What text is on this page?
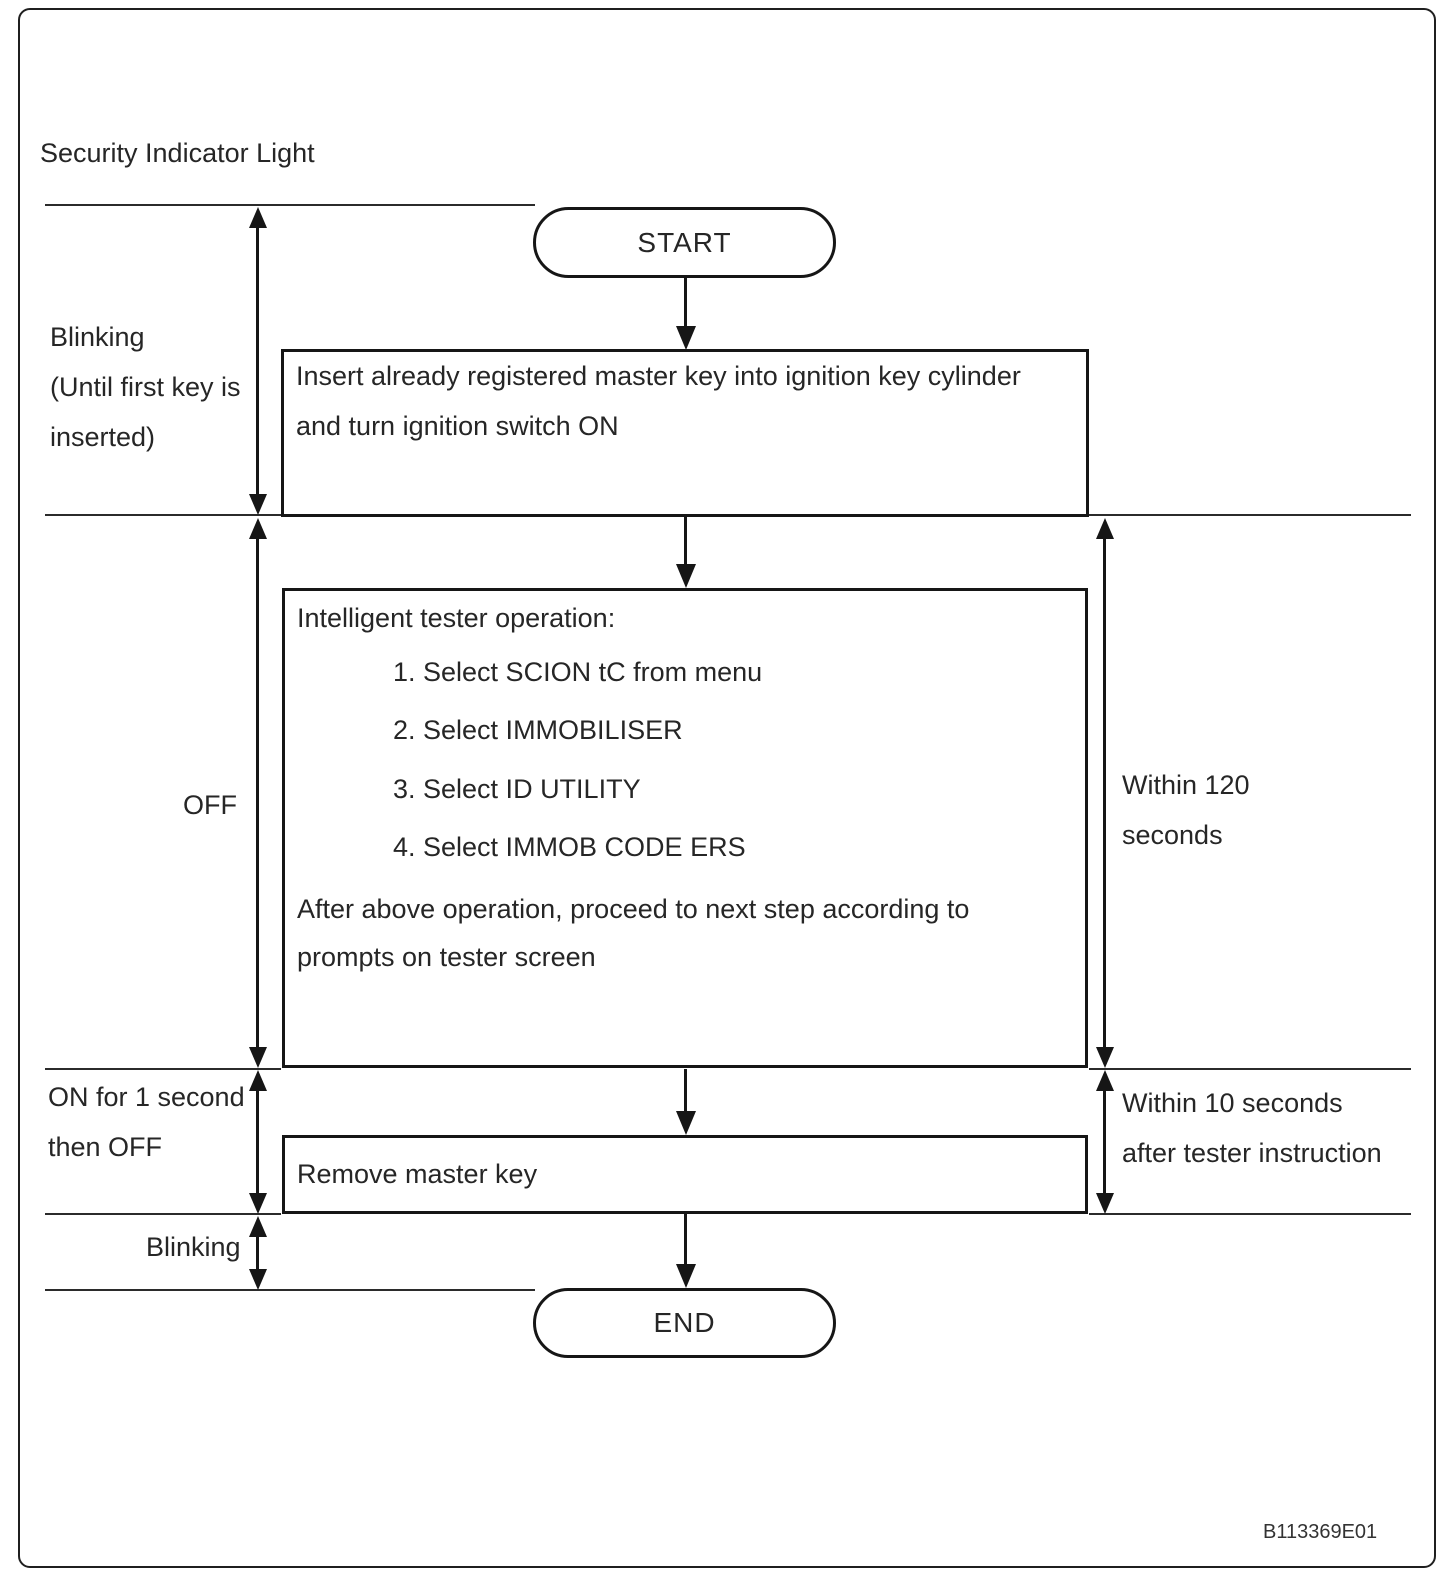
Security Indicator Light
START
Insert already registered master key into ignition key cylinder
and turn ignition switch ON
Intelligent tester operation:
1. Select SCION tC from menu
2. Select IMMOBILISER
3. Select ID UTILITY
4. Select IMMOB CODE ERS
After above operation, proceed to next step according to
prompts on tester screen
Remove master key
END
Blinking
(Until first key is
inserted)
OFF
ON for 1 second
then OFF
Blinking
Within 120
seconds
Within 10 seconds
after tester instruction
B113369E01
